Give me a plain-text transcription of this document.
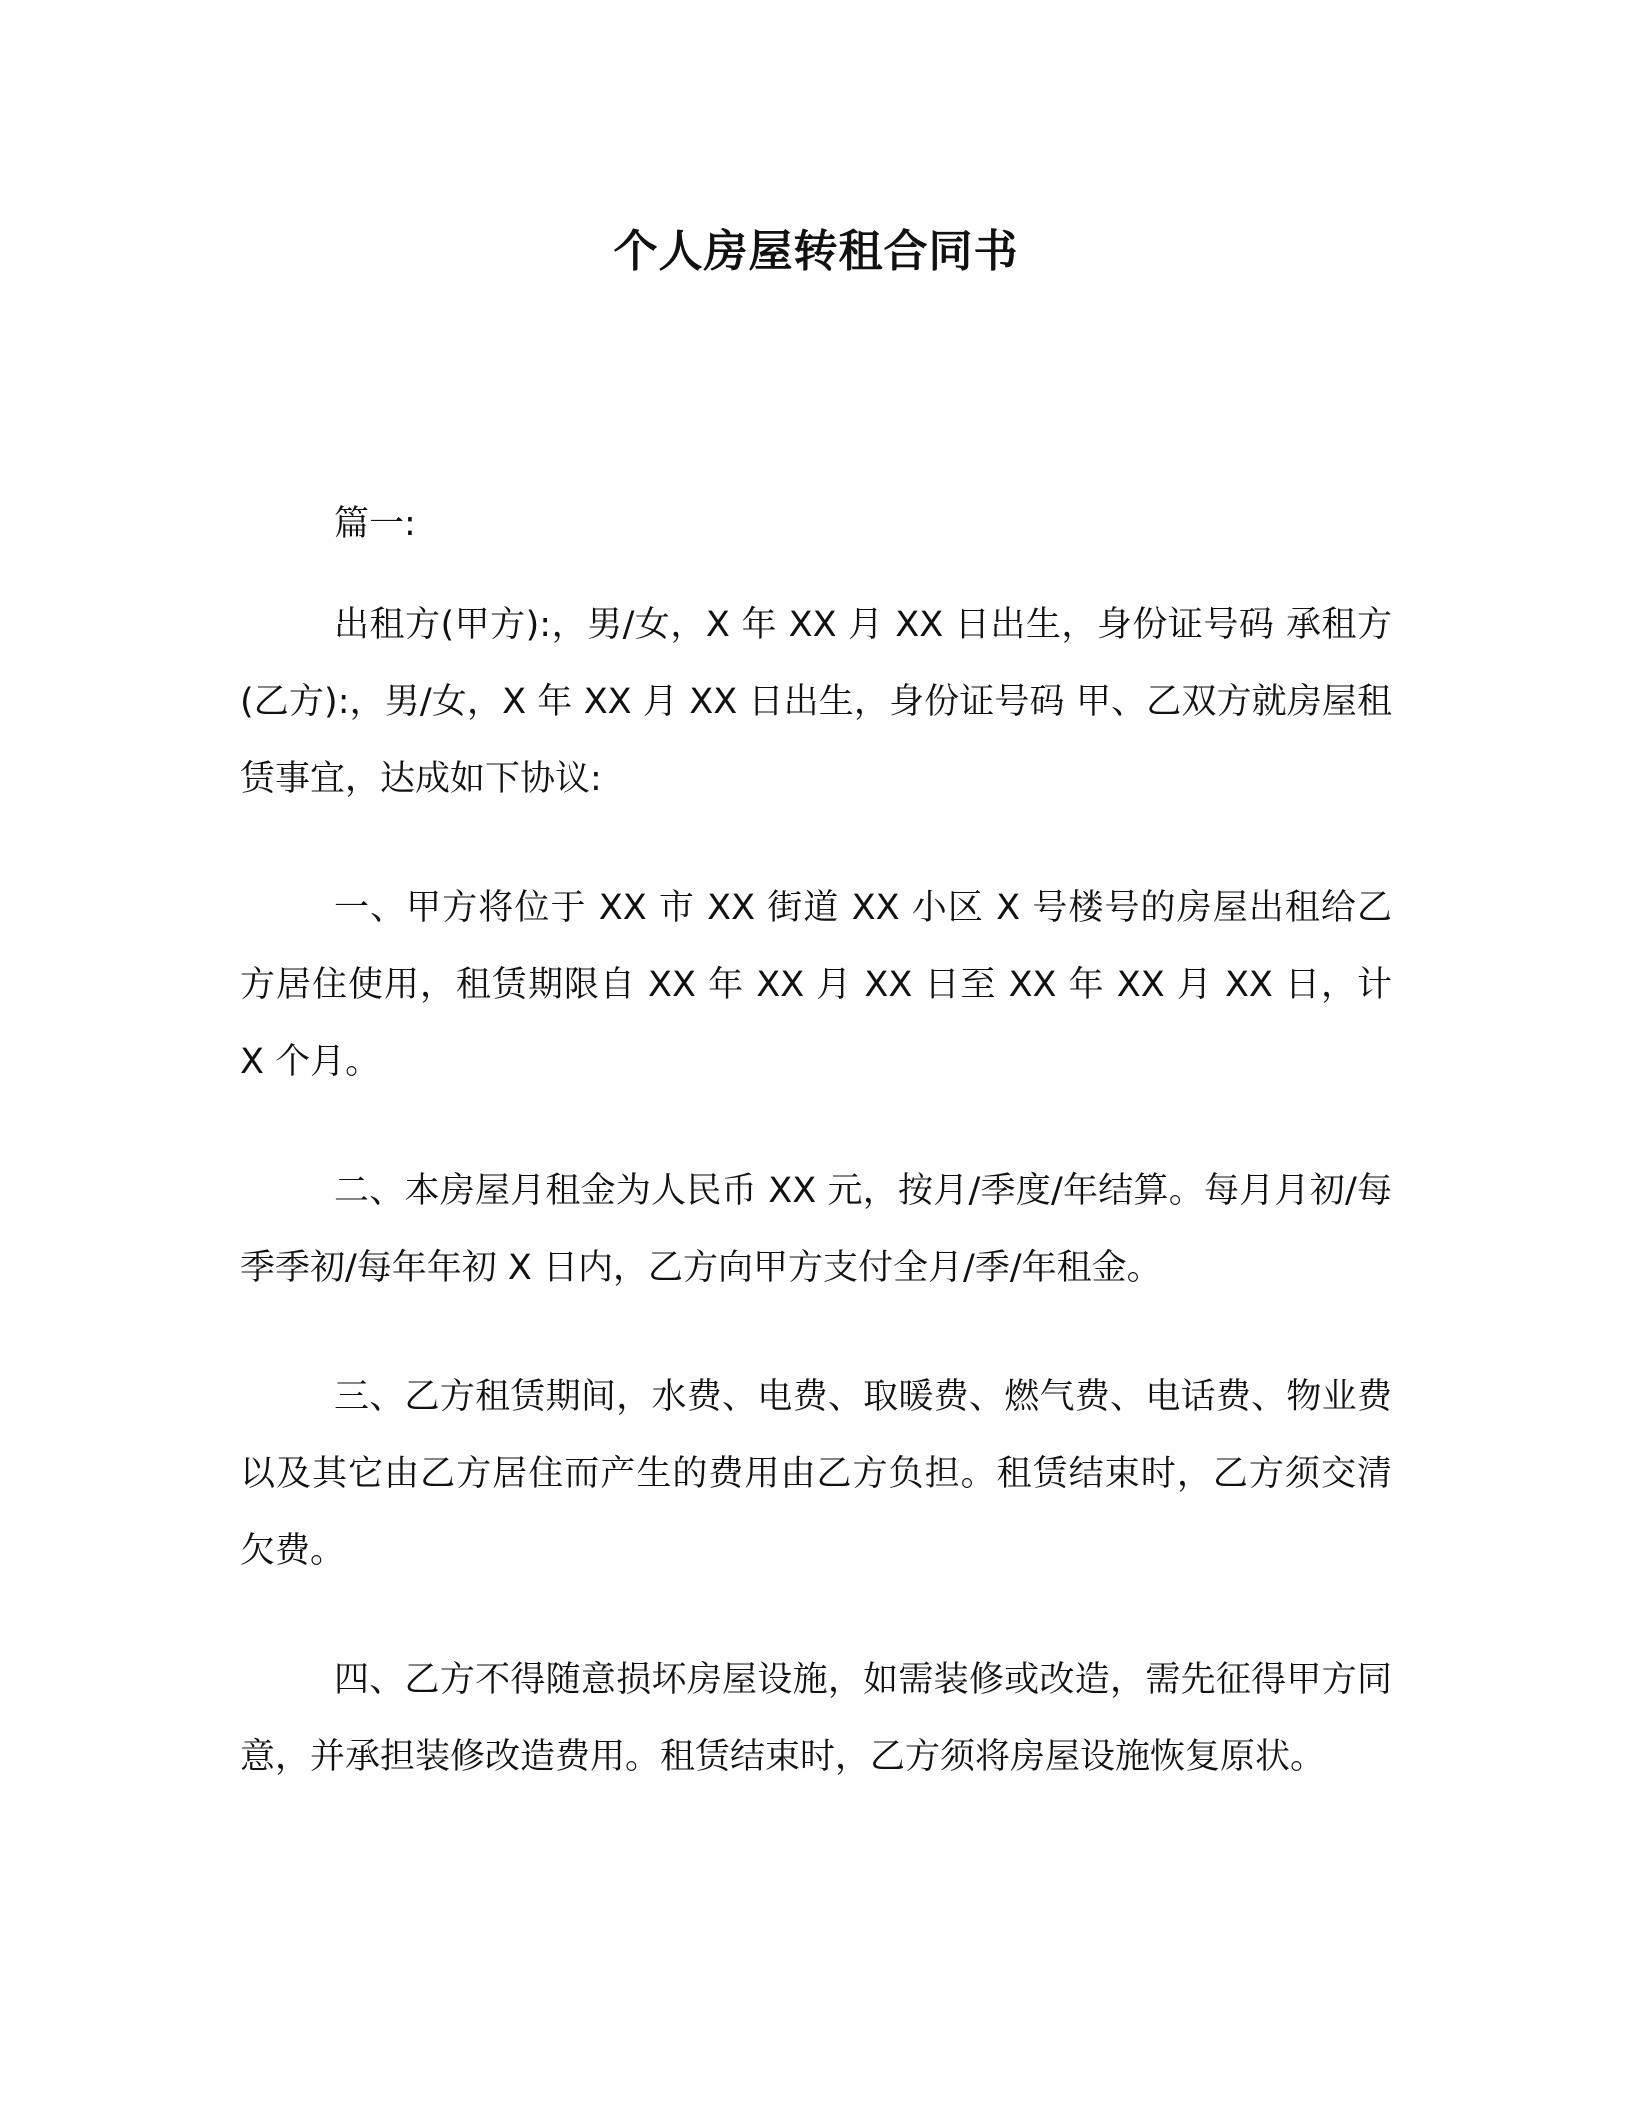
个人房屋转租合同书

篇一:

出租方(甲方):，男/女，X 年 XX 月 XX 日出生，身份证号码 承租方(乙方):，男/女，X 年 XX 月 XX 日出生，身份证号码 甲、乙双方就房屋租赁事宜，达成如下协议:

一、甲方将位于 XX 市 XX 街道 XX 小区 X 号楼号的房屋出租给乙方居住使用，租赁期限自 XX 年 XX 月 XX 日至 XX 年 XX 月 XX 日，计 X 个月。

二、本房屋月租金为人民币 XX 元，按月/季度/年结算。每月月初/每季季初/每年年初 X 日内，乙方向甲方支付全月/季/年租金。

三、乙方租赁期间，水费、电费、取暖费、燃气费、电话费、物业费以及其它由乙方居住而产生的费用由乙方负担。租赁结束时，乙方须交清欠费。

四、乙方不得随意损坏房屋设施，如需装修或改造，需先征得甲方同意，并承担装修改造费用。租赁结束时，乙方须将房屋设施恢复原状。
